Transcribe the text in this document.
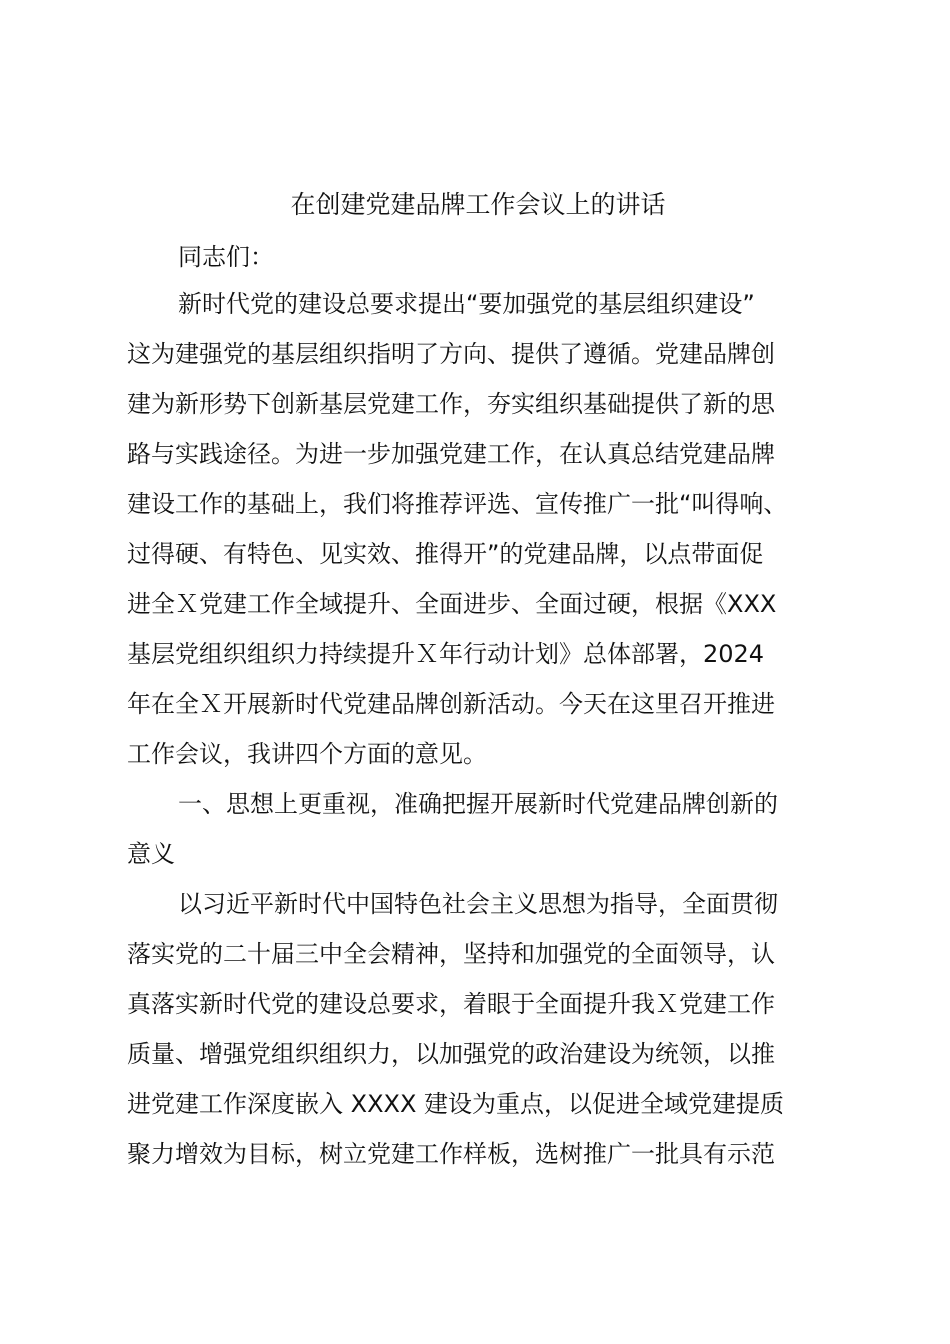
在创建党建品牌工作会议上的讲话

同志们：

新时代党的建设总要求提出“要加强党的基层组织建设”

这为建强党的基层组织指明了方向、提供了遵循。党建品牌创

建为新形势下创新基层党建工作，夯实组织基础提供了新的思

路与实践途径。为进一步加强党建工作，在认真总结党建品牌

建设工作的基础上，我们将推荐评选、宣传推广一批“叫得响、

过得硬、有特色、见实效、推得开”的党建品牌，以点带面促

进全Ｘ党建工作全域提升、全面进步、全面过硬，根据《XXX

基层党组织组织力持续提升Ｘ年行动计划》总体部署，2024

年在全Ｘ开展新时代党建品牌创新活动。今天在这里召开推进

工作会议，我讲四个方面的意见。

一、思想上更重视，准确把握开展新时代党建品牌创新的

意义

以习近平新时代中国特色社会主义思想为指导，全面贯彻

落实党的二十届三中全会精神，坚持和加强党的全面领导，认

真落实新时代党的建设总要求，着眼于全面提升我Ｘ党建工作

质量、增强党组织组织力，以加强党的政治建设为统领，以推

进党建工作深度嵌入 XXXX 建设为重点，以促进全域党建提质

聚力增效为目标，树立党建工作样板，选树推广一批具有示范
